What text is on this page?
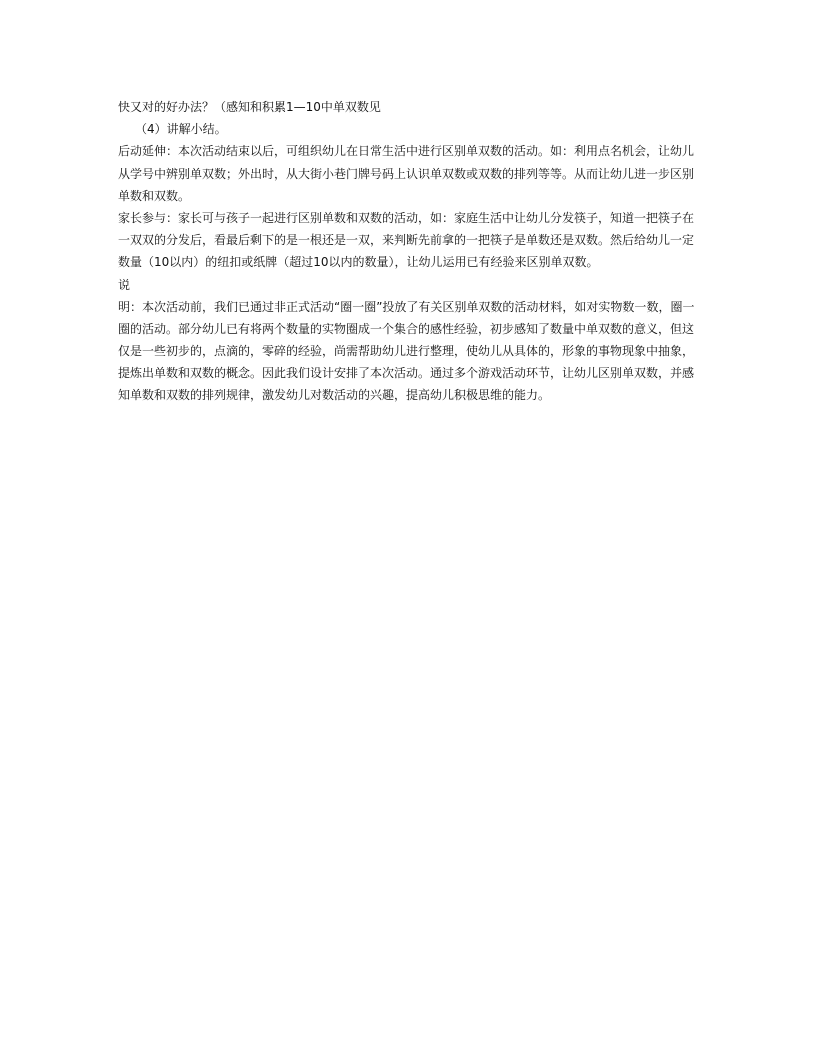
快又对的好办法？（感知和积累1—10中单双数见
（4）讲解小结。
后动延伸：本次活动结束以后，可组织幼儿在日常生活中进行区别单双数的活动。如：利用点名机会，让幼儿
从学号中辨别单双数；外出时，从大街小巷门牌号码上认识单双数或双数的排列等等。从而让幼儿进一步区别
单数和双数。
家长参与：家长可与孩子一起进行区别单数和双数的活动，如：家庭生活中让幼儿分发筷子，知道一把筷子在
一双双的分发后，看最后剩下的是一根还是一双，来判断先前拿的一把筷子是单数还是双数。然后给幼儿一定
数量（10以内）的纽扣或纸牌（超过10以内的数量），让幼儿运用已有经验来区别单双数。
说
明：本次活动前，我们已通过非正式活动“圈一圈”投放了有关区别单双数的活动材料，如对实物数一数，圈一
圈的活动。部分幼儿已有将两个数量的实物圈成一个集合的感性经验，初步感知了数量中单双数的意义，但这
仅是一些初步的，点滴的，零碎的经验，尚需帮助幼儿进行整理，使幼儿从具体的，形象的事物现象中抽象，
提炼出单数和双数的概念。因此我们设计安排了本次活动。通过多个游戏活动环节，让幼儿区别单双数，并感
知单数和双数的排列规律，激发幼儿对数活动的兴趣，提高幼儿积极思维的能力。
